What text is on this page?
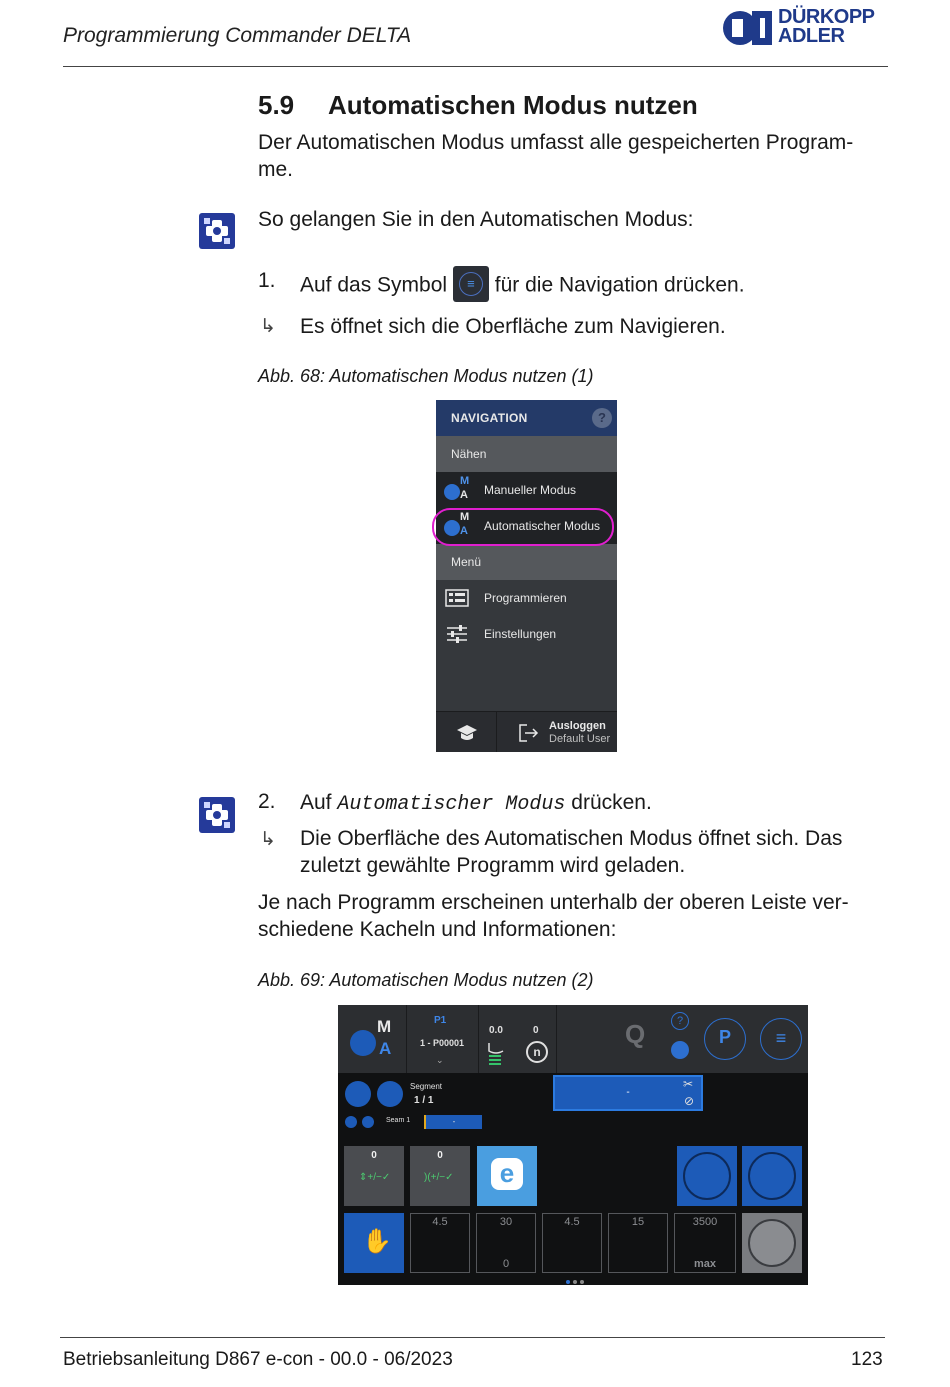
Programmierung Commander DELTA
DÜRKOPP
ADLER
5.9 Automatischen Modus nutzen
Der Automatischen Modus umfasst alle gespeicherten Program-
me.
So gelangen Sie in den Automatischen Modus:
1. Auf das Symbol	≡ für die Navigation drücken.
↳ Es öffnet sich die Oberfläche zum Navigieren.
Abb. 68: Automatischen Modus nutzen (1)
NAVIGATION	?
Nähen
M
A Manueller Modus
M
A Automatischer Modus
Menü
Programmieren
Einstellungen
Ausloggen
Default User
2. Auf Automatischer Modus drücken.
↳ Die Oberfläche des Automatischen Modus öffnet sich. Das
zuletzt gewählte Programm wird geladen.
Je nach Programm erscheinen unterhalb der oberen Leiste ver-
schiedene Kacheln und Informationen:
Abb. 69: Automatischen Modus nutzen (2)
M
A
P1
1 - P00001
⌄
0.0	0
n
Q	?
P	≡
Segment
1 / 1
-
✂
⊘
Seam 1	-
0
⇕+/−✓
0
)(+/−✓	e
✋
4.5	30
0
4.5	15	3500
max
Betriebsanleitung D867 e-con - 00.0 - 06/2023	123
